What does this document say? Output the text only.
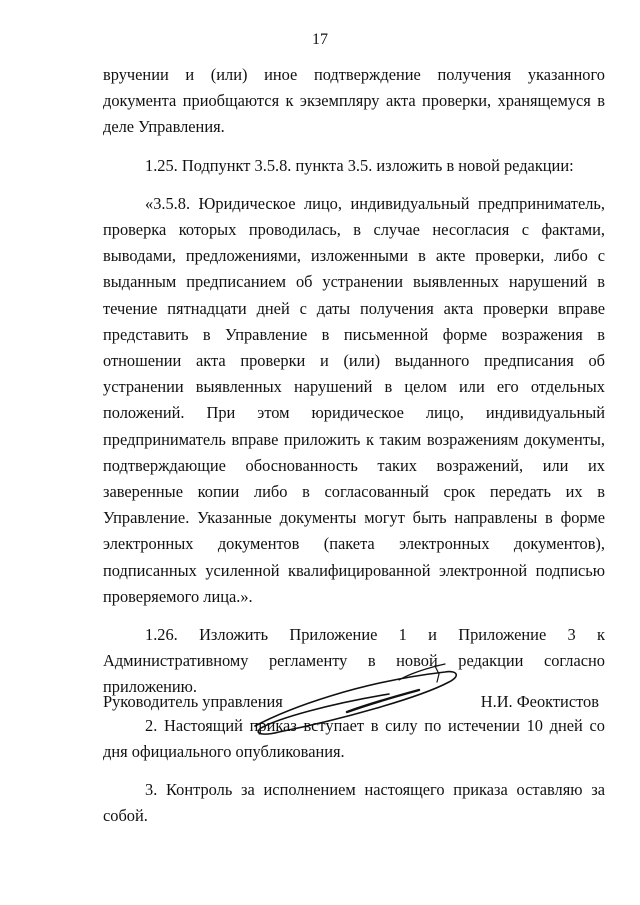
17

вручении и (или) иное подтверждение получения указанного документа приобщаются к экземпляру акта проверки, хранящемуся в деле Управления.

1.25. Подпункт 3.5.8. пункта 3.5. изложить в новой редакции:

«3.5.8. Юридическое лицо, индивидуальный предприниматель, проверка которых проводилась, в случае несогласия с фактами, выводами, предложениями, изложенными в акте проверки, либо с выданным предписанием об устранении выявленных нарушений в течение пятнадцати дней с даты получения акта проверки вправе представить в Управление в письменной форме возражения в отношении акта проверки и (или) выданного предписания об устранении выявленных нарушений в целом или его отдельных положений. При этом юридическое лицо, индивидуальный предприниматель вправе приложить к таким возражениям документы, подтверждающие обоснованность таких возражений, или их заверенные копии либо в согласованный срок передать их в Управление. Указанные документы могут быть направлены в форме электронных документов (пакета электронных документов), подписанных усиленной квалифицированной электронной подписью проверяемого лица.».

1.26. Изложить Приложение 1 и Приложение 3 к Административному регламенту в новой редакции согласно приложению.

2. Настоящий приказ вступает в силу по истечении 10 дней со дня официального опубликования.

3. Контроль за исполнением настоящего приказа оставляю за собой.

Руководитель управления	Н.И. Феоктистов
